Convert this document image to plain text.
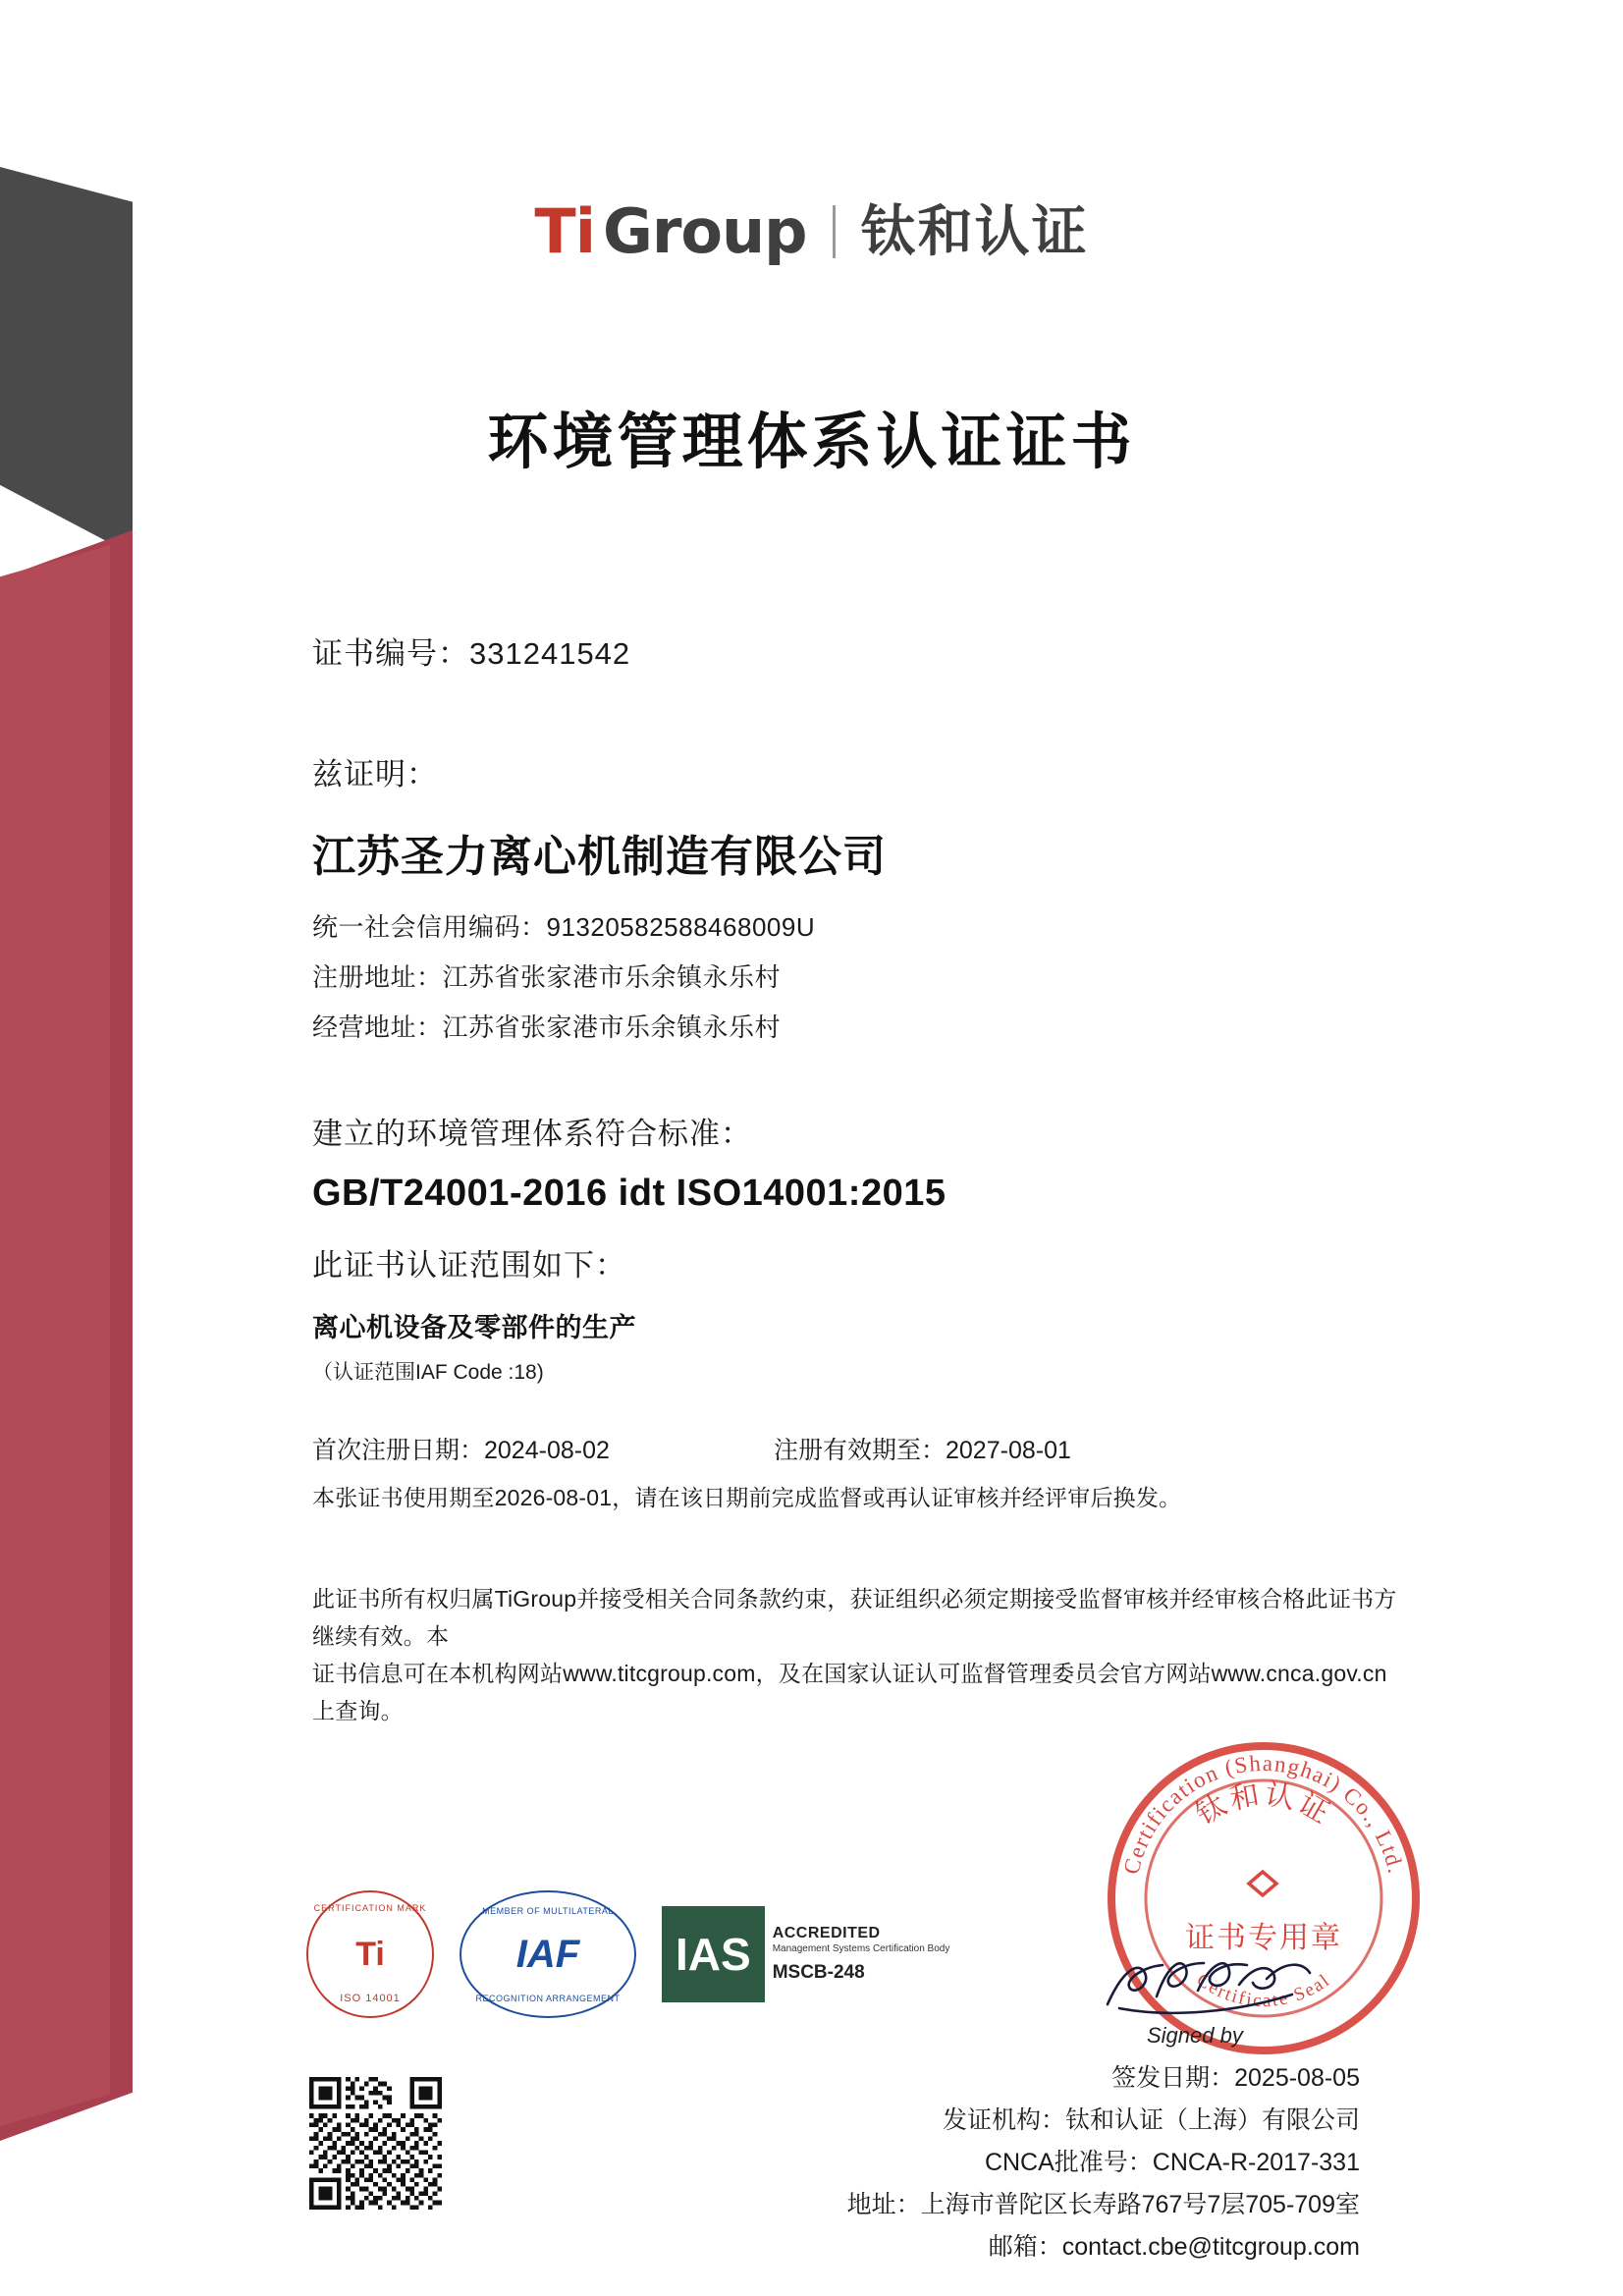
Ti Group 钛和认证
环境管理体系认证证书
证书编号：331241542
兹证明：
江苏圣力离心机制造有限公司
统一社会信用编码：91320582588468009U
注册地址：江苏省张家港市乐余镇永乐村
经营地址：江苏省张家港市乐余镇永乐村
建立的环境管理体系符合标准：
GB/T24001-2016 idt ISO14001:2015
此证书认证范围如下：
离心机设备及零部件的生产
（认证范围IAF Code :18)
首次注册日期：2024-08-02	注册有效期至：2027-08-01
本张证书使用期至2026-08-01，请在该日期前完成监督或再认证审核并经评审后换发。
此证书所有权归属TiGroup并接受相关合同条款约束，获证组织必须定期接受监督审核并经审核合格此证书方继续有效。本
证书信息可在本机构网站www.titcgroup.com，及在国家认证认可监督管理委员会官方网站www.cnca.gov.cn上查询。
CERTIFICATION MARK
Ti
ISO 14001
MEMBER OF MULTILATERAL
IAF
RECOGNITION ARRANGEMENT
IAS	ACCREDITED
Management Systems Certification Body
MSCB-248
Certification (Shanghai) Co., Ltd.
Certificate Seal
钛和认证
证书专用章
Signed by
签发日期：2025-08-05
发证机构：钛和认证（上海）有限公司
CNCA批准号：CNCA-R-2017-331
地址：上海市普陀区长寿路767号7层705-709室
邮箱：contact.cbe@titcgroup.com
